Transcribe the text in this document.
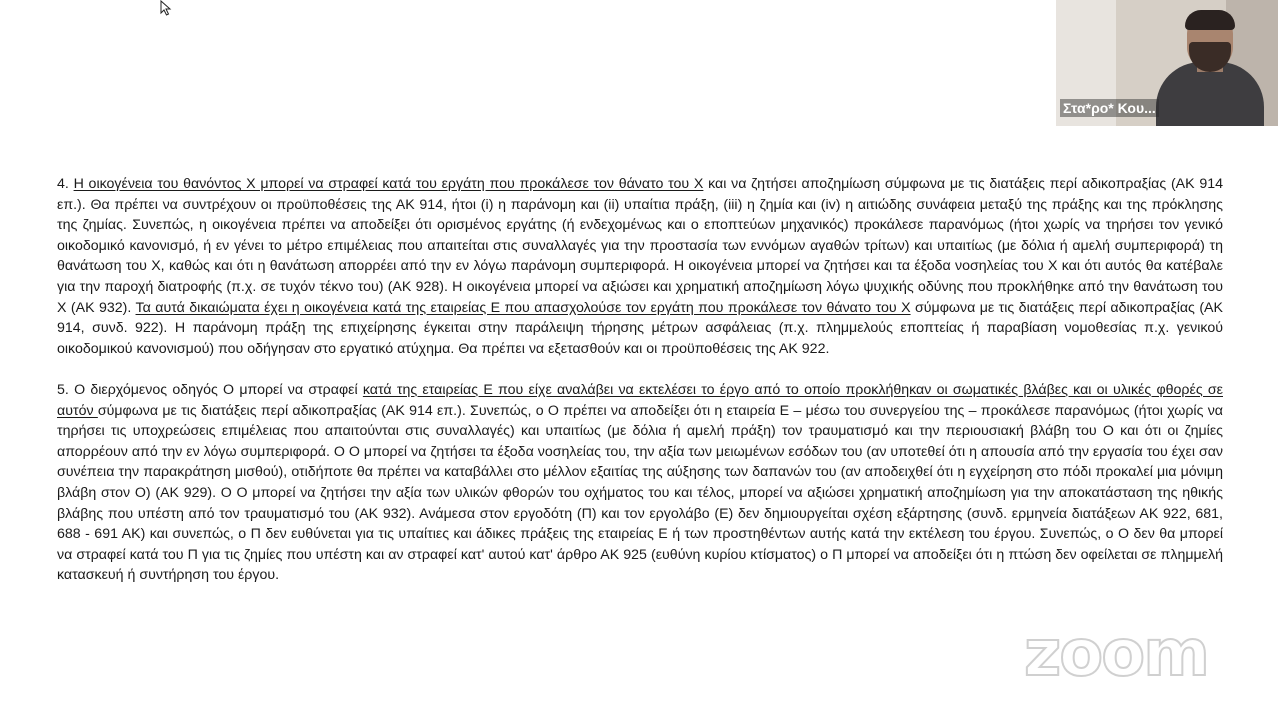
4. Η οικογένεια του θανόντος Χ μπορεί να στραφεί κατά του εργάτη που προκάλεσε τον θάνατο του Χ και να ζητήσει αποζημίωση σύμφωνα με τις διατάξεις περί αδικοπραξίας (ΑΚ 914 επ.). Θα πρέπει να συντρέχουν οι προϋποθέσεις της ΑΚ 914, ήτοι (i) η παράνομη και (ii) υπαίτια πράξη, (iii) η ζημία και (iv) η αιτιώδης συνάφεια μεταξύ της πράξης και της πρόκλησης της ζημίας. Συνεπώς, η οικογένεια πρέπει να αποδείξει ότι ορισμένος εργάτης (ή ενδεχομένως και ο εποπτεύων μηχανικός) προκάλεσε παρανόμως (ήτοι χωρίς να τηρήσει τον γενικό οικοδομικό κανονισμό, ή εν γένει το μέτρο επιμέλειας που απαιτείται στις συναλλαγές για την προστασία των εννόμων αγαθών τρίτων) και υπαιτίως (με δόλια ή αμελή συμπεριφορά) τη θανάτωση του Χ, καθώς και ότι η θανάτωση απορρέει από την εν λόγω παράνομη συμπεριφορά. Η οικογένεια μπορεί να ζητήσει και τα έξοδα νοσηλείας του Χ και ότι αυτός θα κατέβαλε για την παροχή διατροφής (π.χ. σε τυχόν τέκνο του) (ΑΚ 928). Η οικογένεια μπορεί να αξιώσει και χρηματική αποζημίωση λόγω ψυχικής οδύνης που προκλήθηκε από την θανάτωση του Χ (ΑΚ 932). Τα αυτά δικαιώματα έχει η οικογένεια κατά της εταιρείας Ε που απασχολούσε τον εργάτη που προκάλεσε τον θάνατο του Χ σύμφωνα με τις διατάξεις περί αδικοπραξίας (ΑΚ 914, συνδ. 922). Η παράνομη πράξη της επιχείρησης έγκειται στην παράλειψη τήρησης μέτρων ασφάλειας (π.χ. πλημμελούς εποπτείας ή παραβίαση νομοθεσίας π.χ. γενικού οικοδομικού κανονισμού) που οδήγησαν στο εργατικό ατύχημα. Θα πρέπει να εξετασθούν και οι προϋποθέσεις της ΑΚ 922.

5. Ο διερχόμενος οδηγός Ο μπορεί να στραφεί κατά της εταιρείας Ε που είχε αναλάβει να εκτελέσει το έργο από το οποίο προκλήθηκαν οι σωματικές βλάβες και οι υλικές φθορές σε αυτόν σύμφωνα με τις διατάξεις περί αδικοπραξίας (ΑΚ 914 επ.). Συνεπώς, ο Ο πρέπει να αποδείξει ότι η εταιρεία Ε – μέσω του συνεργείου της – προκάλεσε παρανόμως (ήτοι χωρίς να τηρήσει τις υποχρεώσεις επιμέλειας που απαιτούνται στις συναλλαγές) και υπαιτίως (με δόλια ή αμελή πράξη) τον τραυματισμό και την περιουσιακή βλάβη του Ο και ότι οι ζημίες απορρέουν από την εν λόγω συμπεριφορά. Ο Ο μπορεί να ζητήσει τα έξοδα νοσηλείας του, την αξία των μειωμένων εσόδων του (αν υποτεθεί ότι η απουσία από την εργασία του έχει σαν συνέπεια την παρακράτηση μισθού), οτιδήποτε θα πρέπει να καταβάλλει στο μέλλον εξαιτίας της αύξησης των δαπανών του (αν αποδειχθεί ότι η εγχείρηση στο πόδι προκαλεί μια μόνιμη βλάβη στον Ο) (ΑΚ 929). Ο Ο μπορεί να ζητήσει την αξία των υλικών φθορών του οχήματος του και τέλος, μπορεί να αξιώσει χρηματική αποζημίωση για την αποκατάσταση της ηθικής βλάβης που υπέστη από τον τραυματισμό του (ΑΚ 932). Ανάμεσα στον εργοδότη (Π) και τον εργολάβο (Ε) δεν δημιουργείται σχέση εξάρτησης (συνδ. ερμηνεία διατάξεων ΑΚ 922, 681, 688 - 691 ΑΚ) και συνεπώς, ο Π δεν ευθύνεται για τις υπαίτιες και άδικες πράξεις της εταιρείας Ε ή των προστηθέντων αυτής κατά την εκτέλεση του έργου. Συνεπώς, ο Ο δεν θα μπορεί να στραφεί κατά του Π για τις ζημίες που υπέστη και αν στραφεί κατ' αυτού κατ' άρθρο ΑΚ 925 (ευθύνη κυρίου κτίσματος) ο Π μπορεί να αποδείξει ότι η πτώση δεν οφείλεται σε πλημμελή κατασκευή ή συντήρηση του έργου.

Στα*ρο* Κου...
zoom
